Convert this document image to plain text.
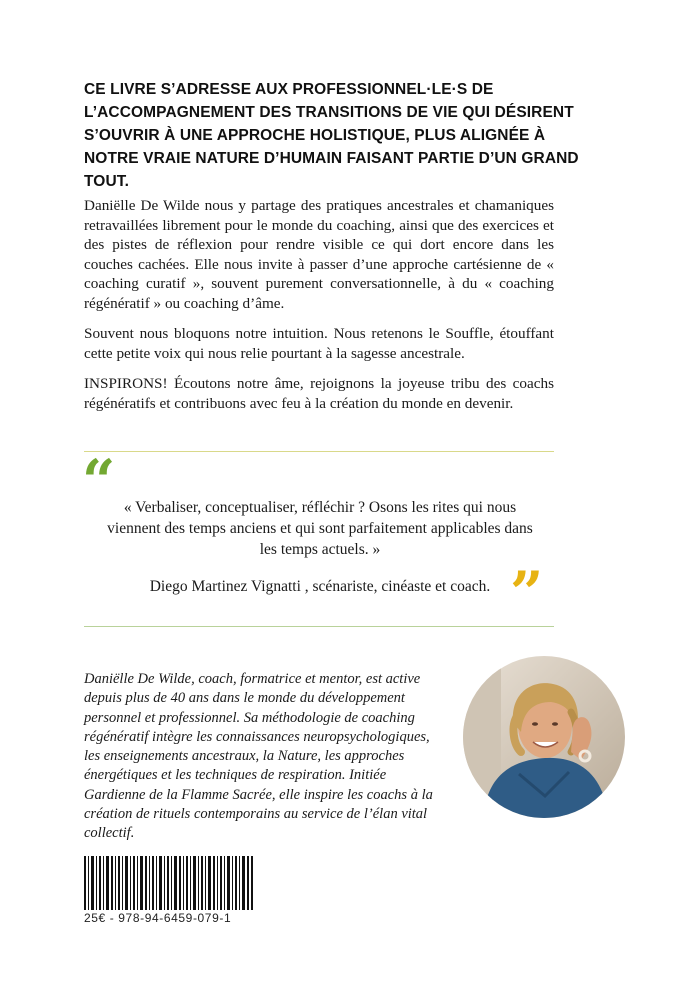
CE LIVRE S’ADRESSE AUX PROFESSIONNEL·LE·S DE L’ACCOMPAGNEMENT DES TRANSITIONS DE VIE QUI DÉSIRENT S’OUVRIR À UNE APPROCHE HOLISTIQUE, PLUS ALIGNÉE À NOTRE VRAIE NATURE D’HUMAIN FAISANT PARTIE D’UN GRAND TOUT.

Daniëlle De Wilde nous y partage des pratiques ancestrales et chamaniques retravaillées librement pour le monde du coaching, ainsi que des exercices et des pistes de réflexion pour rendre visible ce qui dort encore dans les couches cachées. Elle nous invite à passer d’une approche cartésienne de « coaching curatif », souvent purement conversationnelle, à du « coaching régénératif » ou coaching d’âme.

Souvent nous bloquons notre intuition. Nous retenons le Souffle, étouffant cette petite voix qui nous relie pourtant à la sagesse ancestrale.

INSPIRONS! Écoutons notre âme, rejoignons la joyeuse tribu des coachs régénératifs et contribuons avec feu à la création du monde en devenir.

“ « Verbaliser, conceptualiser, réfléchir ? Osons les rites qui nous viennent des temps anciens et qui sont parfaitement applicables dans les temps actuels. »

Diego Martinez Vignatti , scénariste, cinéaste et coach. ”

Daniëlle De Wilde, coach, formatrice et mentor, est active depuis plus de 40 ans dans le monde du développement personnel et professionnel. Sa méthodologie de coaching régénératif intègre les connaissances neuropsychologiques, les enseignements ancestraux, la Nature, les approches énergétiques et les techniques de respiration. Initiée Gardienne de la Flamme Sacrée, elle inspire les coachs à la création de rituels contemporains au service de l’élan vital collectif.

25€ - 978-94-6459-079-1
